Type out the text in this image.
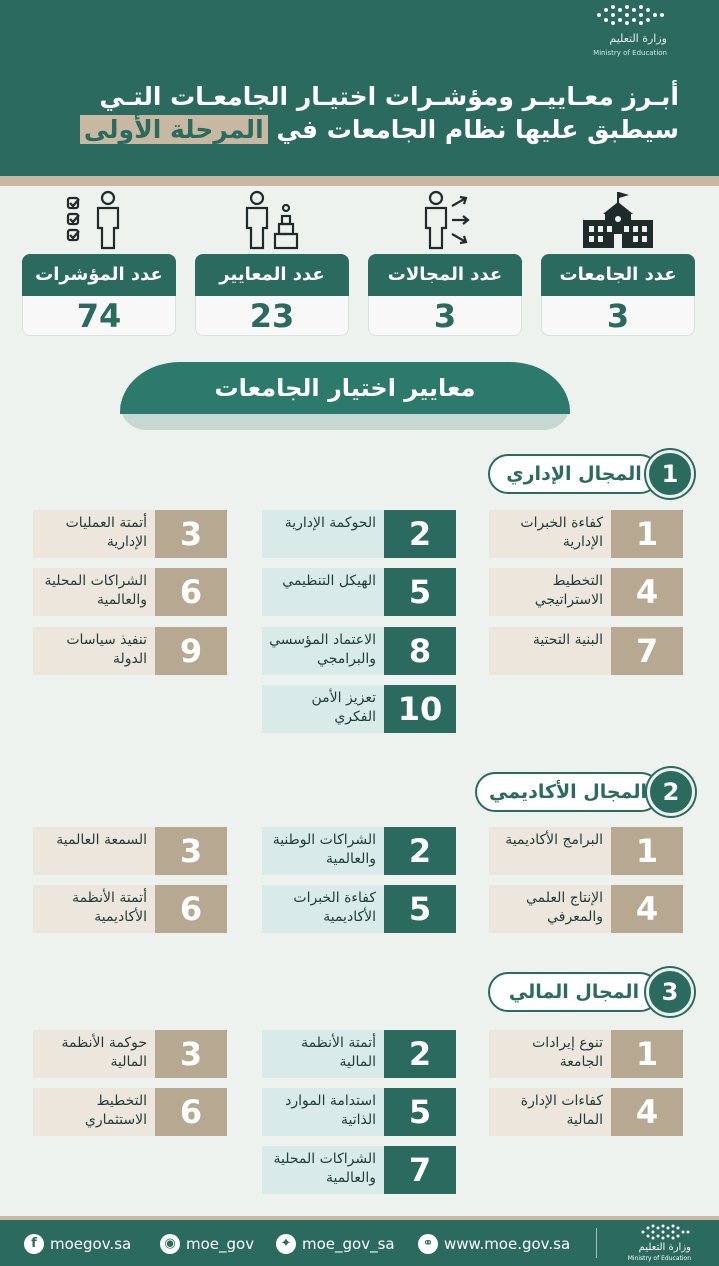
وزارة التعليم
Ministry of Education
أبـرز معـاييـر ومؤشـرات اختيـار الجامعـات التـي
سيطبق عليها نظام الجامعات في المرحلة الأولى
عدد المؤشرات
74
عدد المعايير
23
عدد المجالات
3
عدد الجامعات
3
معايير اختيار الجامعات
المجال الإداري 1
1
كفاءة الخبرات الإدارية
2
الحوكمة الإدارية
3
أتمتة العمليات الإدارية
4
التخطيط الاستراتيجي
5
الهيكل التنظيمي
6
الشراكات المحلية والعالمية
7
البنية التحتية
8
الاعتماد المؤسسي والبرامجي
9
تنفيذ سياسات الدولة
10
تعزيز الأمن الفكري
المجال الأكاديمي 2
1
البرامج الأكاديمية
2
الشراكات الوطنية والعالمية
3
السمعة العالمية
4
الإنتاج العلمي والمعرفي
5
كفاءة الخبرات الأكاديمية
6
أتمتة الأنظمة الأكاديمية
المجال المالي 3
1
تنوع إيرادات الجامعة
2
أتمتة الأنظمة المالية
3
حوكمة الأنظمة المالية
4
كفاءات الإدارة المالية
5
استدامة الموارد الذاتية
6
التخطيط الاستثماري
7
الشراكات المحلية والعالمية
f moegov.sa	◉ moe_gov	✦ moe_gov_sa	⚭ www.moe.gov.sa	وزارة التعليم
Ministry of Education
